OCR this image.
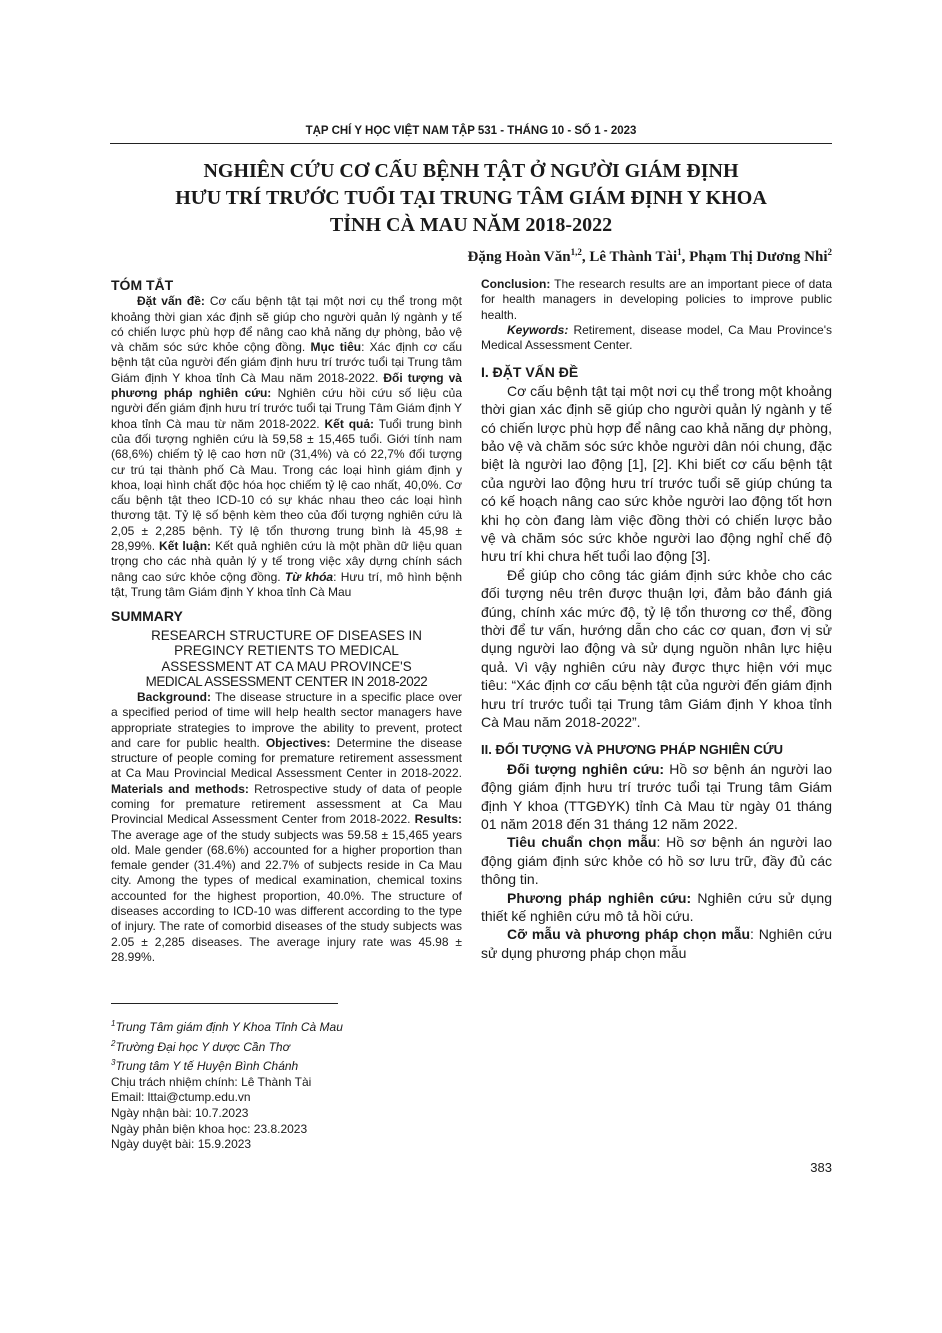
TẠP CHÍ Y HỌC VIỆT NAM TẬP 531 - THÁNG 10 - SỐ 1 - 2023
NGHIÊN CỨU CƠ CẤU BỆNH TẬT Ở NGƯỜI GIÁM ĐỊNH
HƯU TRÍ TRƯỚC TUỔI TẠI TRUNG TÂM GIÁM ĐỊNH Y KHOA
TỈNH CÀ MAU NĂM 2018-2022
Đặng Hoàn Văn$^{1,2}$, Lê Thành Tài$^1$, Phạm Thị Dương Nhi$^2$
TÓM TẮT

Đặt vấn đề: Cơ cấu bệnh tật tại một nơi cụ thể trong một khoảng thời gian xác định sẽ giúp cho người quản lý ngành y tế có chiến lược phù hợp để nâng cao khả năng dự phòng, bảo vệ và chăm sóc sức khỏe cộng đồng. Mục tiêu: Xác định cơ cấu bệnh tật của người đến giám định hưu trí trước tuổi tại Trung tâm Giám định Y khoa tỉnh Cà Mau năm 2018-2022. Đối tượng và phương pháp nghiên cứu: Nghiên cứu hồi cứu số liệu của người đến giám định hưu trí trước tuổi tại Trung Tâm Giám định Y khoa tỉnh Cà mau từ năm 2018-2022. Kết quả: Tuổi trung bình của đối tượng nghiên cứu là 59,58 ± 15,465 tuổi. Giới tính nam (68,6%) chiếm tỷ lệ cao hơn nữ (31,4%) và có 22,7% đối tượng cư trú tại thành phố Cà Mau. Trong các loại hình giám định y khoa, loại hình chất độc hóa học chiếm tỷ lệ cao nhất, 40,0%. Cơ cấu bệnh tật theo ICD-10 có sự khác nhau theo các loại hình thương tật. Tỷ lệ số bệnh kèm theo của đối tượng nghiên cứu là 2,05 ± 2,285 bệnh. Tỷ lệ tổn thương trung bình là 45,98 ± 28,99%. Kết luận: Kết quả nghiên cứu là một phần dữ liệu quan trọng cho các nhà quản lý y tế trong việc xây dựng chính sách nâng cao sức khỏe cộng đồng. Từ khóa: Hưu trí, mô hình bệnh tật, Trung tâm Giám định Y khoa tỉnh Cà Mau

SUMMARY
RESEARCH STRUCTURE OF DISEASES IN
PREGINCY RETIENTS TO MEDICAL
ASSESSMENT AT CA MAU PROVINCE'S
MEDICAL ASSESSMENT CENTER IN 2018-2022

Background: The disease structure in a specific place over a specified period of time will help health sector managers have appropriate strategies to improve the ability to prevent, protect and care for public health. Objectives: Determine the disease structure of people coming for premature retirement assessment at Ca Mau Provincial Medical Assessment Center in 2018-2022. Materials and methods: Retrospective study of data of people coming for premature retirement assessment at Ca Mau Provincial Medical Assessment Center from 2018-2022. Results: The average age of the study subjects was 59.58 ± 15,465 years old. Male gender (68.6%) accounted for a higher proportion than female gender (31.4%) and 22.7% of subjects reside in Ca Mau city. Among the types of medical examination, chemical toxins accounted for the highest proportion, 40.0%. The structure of diseases according to ICD-10 was different according to the type of injury. The rate of comorbid diseases of the study subjects was 2.05 ± 2,285 diseases. The average injury rate was 45.98 ± 28.99%.

Conclusion: The research results are an important piece of data for health managers in developing policies to improve public health.

Keywords: Retirement, disease model, Ca Mau Province's Medical Assessment Center.

I. ĐẶT VẤN ĐỀ

Cơ cấu bệnh tật tại một nơi cụ thể trong một khoảng thời gian xác định sẽ giúp cho người quản lý ngành y tế có chiến lược phù hợp để nâng cao khả năng dự phòng, bảo vệ và chăm sóc sức khỏe người dân nói chung, đặc biệt là người lao động [1], [2]. Khi biết cơ cấu bệnh tật của người lao động hưu trí trước tuổi sẽ giúp chúng ta có kế hoạch nâng cao sức khỏe người lao động tốt hơn khi họ còn đang làm việc đồng thời có chiến lược bảo vệ và chăm sóc sức khỏe người lao động nghỉ chế độ hưu trí khi chưa hết tuổi lao động [3].

Để giúp cho công tác giám định sức khỏe cho các đối tượng nêu trên được thuận lợi, đảm bảo đánh giá đúng, chính xác mức độ, tỷ lệ tổn thương cơ thể, đồng thời để tư vấn, hướng dẫn cho các cơ quan, đơn vị sử dụng người lao động và sử dụng nguồn nhân lực hiệu quả. Vì vậy nghiên cứu này được thực hiện với mục tiêu: “Xác định cơ cấu bệnh tật của người đến giám định hưu trí trước tuổi tại Trung tâm Giám định Y khoa tỉnh Cà Mau năm 2018-2022”.

II. ĐỐI TƯỢNG VÀ PHƯƠNG PHÁP NGHIÊN CỨU

Đối tượng nghiên cứu: Hồ sơ bệnh án người lao động giám định hưu trí trước tuổi tại Trung tâm Giám định Y khoa (TTGĐYK) tỉnh Cà Mau từ ngày 01 tháng 01 năm 2018 đến 31 tháng 12 năm 2022.

Tiêu chuẩn chọn mẫu: Hồ sơ bệnh án người lao động giám định sức khỏe có hồ sơ lưu trữ, đầy đủ các thông tin.

Phương pháp nghiên cứu: Nghiên cứu sử dụng thiết kế nghiên cứu mô tả hồi cứu.

Cỡ mẫu và phương pháp chọn mẫu: Nghiên cứu sử dụng phương pháp chọn mẫu

$^1$Trung Tâm giám định Y Khoa Tỉnh Cà Mau
$^2$Trường Đại học Y dược Cần Thơ
$^3$Trung tâm Y tế Huyện Bình Chánh
Chịu trách nhiệm chính: Lê Thành Tài
Email: lttai@ctump.edu.vn
Ngày nhận bài: 10.7.2023
Ngày phản biện khoa học: 23.8.2023
Ngày duyệt bài: 15.9.2023
383
